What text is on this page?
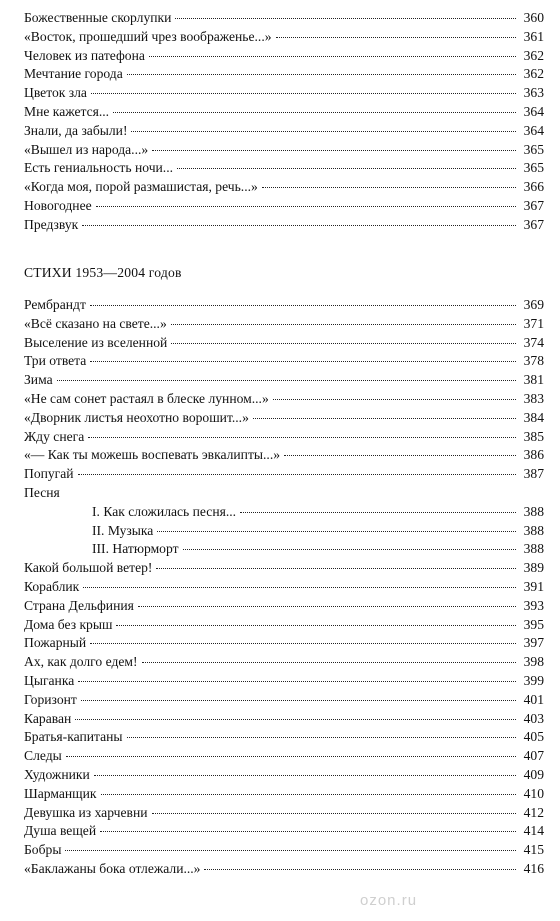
Божественные скорлупки	360
«Восток, прошедший чрез воображенье...»	361
Человек из патефона	362
Мечтание города	362
Цветок зла	363
Мне кажется...	364
Знали, да забыли!	364
«Вышел из народа...»	365
Есть гениальность ночи...	365
«Когда моя, порой размашистая, речь...»	366
Новогоднее	367
Предзвук	367
СТИХИ 1953—2004 годов
Рембрандт	369
«Всё сказано на свете...»	371
Выселение из вселенной	374
Три ответа	378
Зима	381
«Не сам сонет растаял в блеске лунном...»	383
«Дворник листья неохотно ворошит...»	384
Жду снега	385
«— Как ты можешь воспевать эвкалипты...»	386
Попугай	387
Песня
I. Как сложилась песня...	388
II. Музыка	388
III. Натюрморт	388
Какой большой ветер!	389
Кораблик	391
Страна Дельфиния	393
Дома без крыш	395
Пожарный	397
Ах, как долго едем!	398
Цыганка	399
Горизонт	401
Караван	403
Братья-капитаны	405
Следы	407
Художники	409
Шарманщик	410
Девушка из харчевни	412
Душа вещей	414
Бобры	415
«Баклажаны бока отлежали...»	416
ozon.ru
